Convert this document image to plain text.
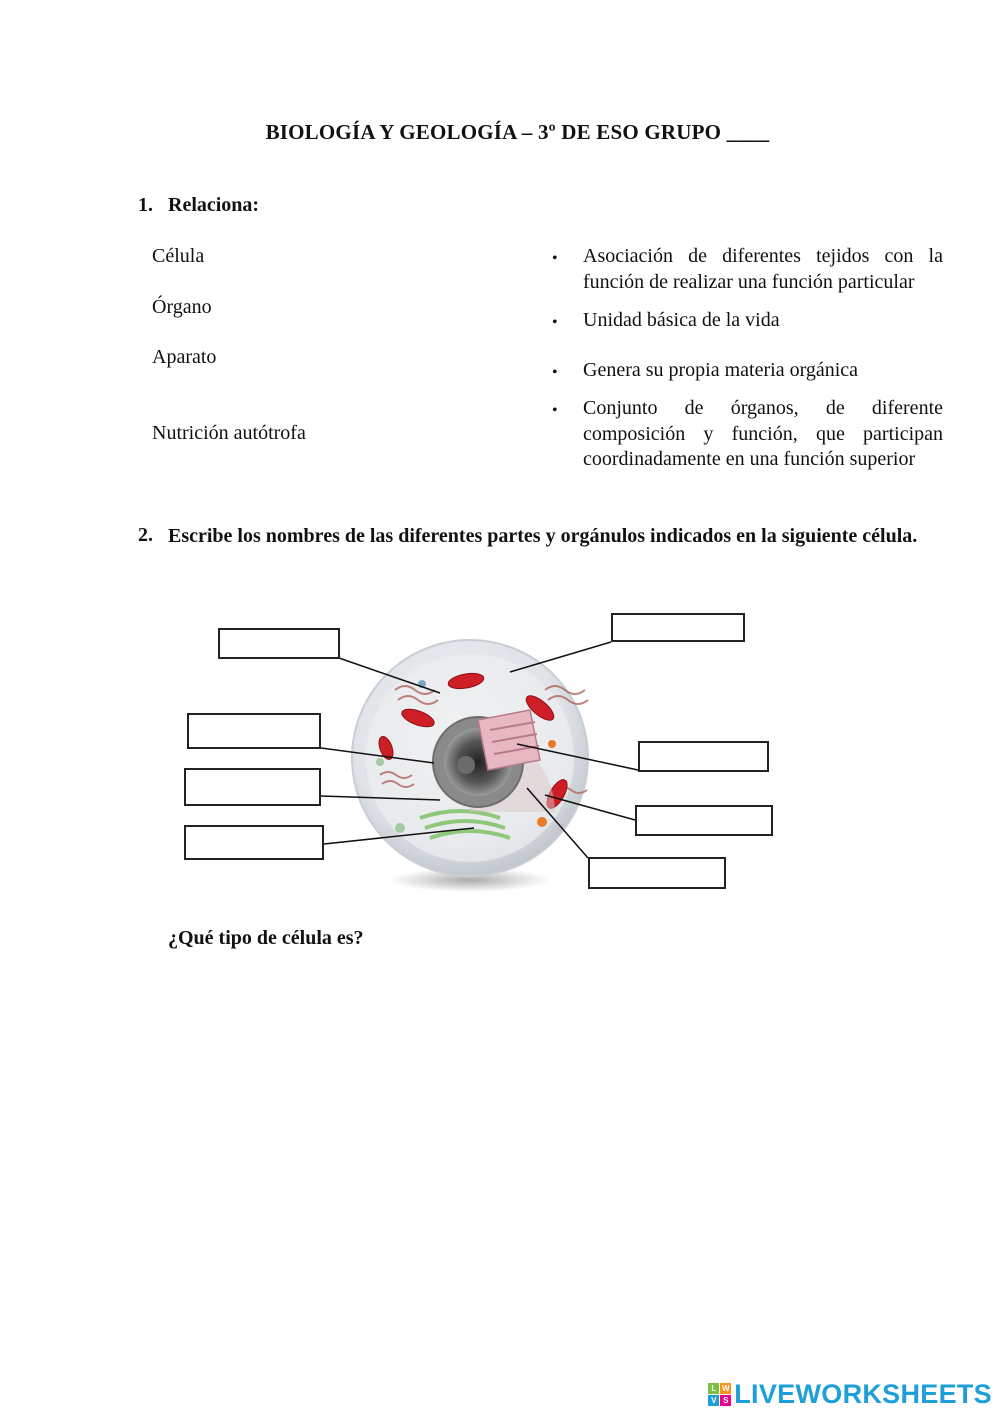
BIOLOGÍA Y GEOLOGÍA – 3º DE ESO GRUPO ____
1. Relaciona:
Célula
Órgano
Aparato
Nutrición autótrofa
• Asociación de diferentes tejidos con la función de realizar una función particular
• Unidad básica de la vida
• Genera su propia materia orgánica
• Conjunto de órganos, de diferente composición y función, que participan coordinadamente en una función superior
2. Escribe los nombres de las diferentes partes y orgánulos indicados en la siguiente célula.
¿Qué tipo de célula es?
L W
V S LIVEWORKSHEETS
